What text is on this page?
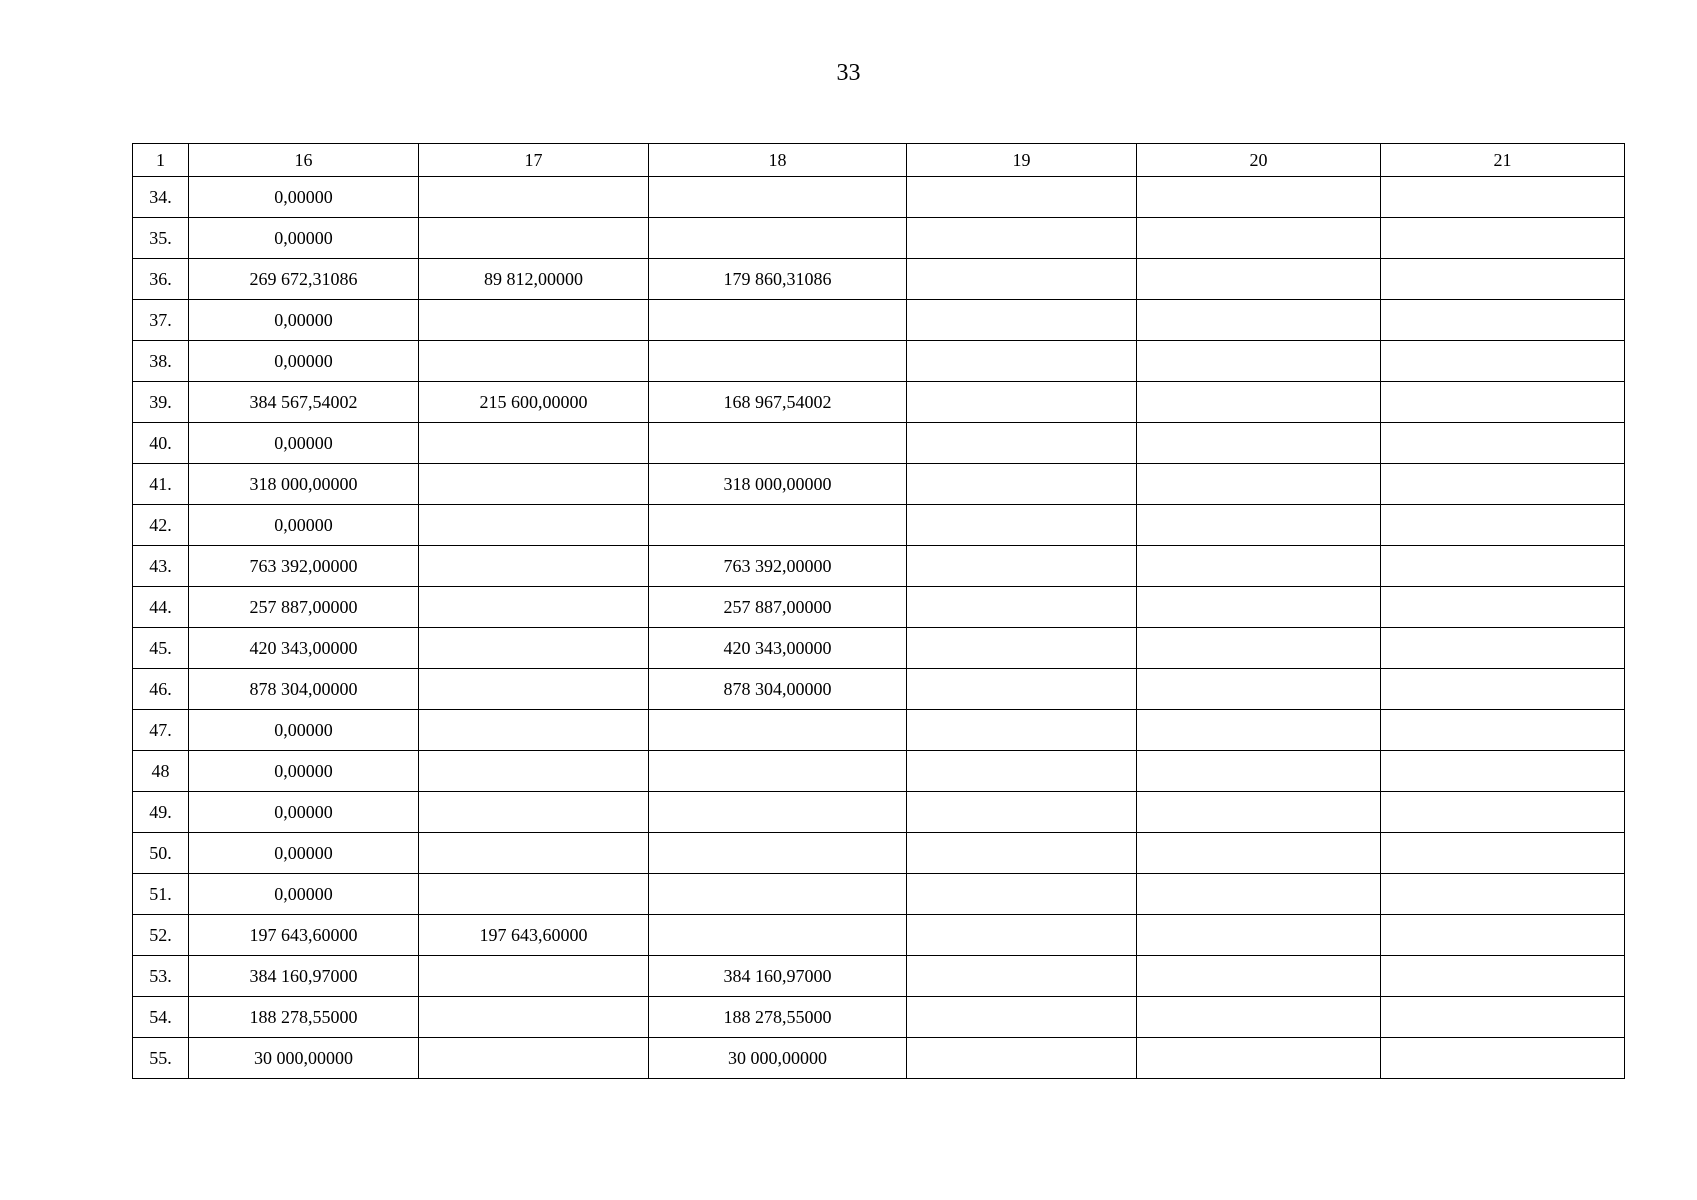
33
1	16	17	18	19	20	21
34.	0,00000					
35.	0,00000					
36.	269 672,31086	89 812,00000	179 860,31086			
37.	0,00000					
38.	0,00000					
39.	384 567,54002	215 600,00000	168 967,54002			
40.	0,00000					
41.	318 000,00000		318 000,00000			
42.	0,00000					
43.	763 392,00000		763 392,00000			
44.	257 887,00000		257 887,00000			
45.	420 343,00000		420 343,00000			
46.	878 304,00000		878 304,00000			
47.	0,00000					
48	0,00000					
49.	0,00000					
50.	0,00000					
51.	0,00000					
52.	197 643,60000	197 643,60000				
53.	384 160,97000		384 160,97000			
54.	188 278,55000		188 278,55000			
55.	30 000,00000		30 000,00000			
